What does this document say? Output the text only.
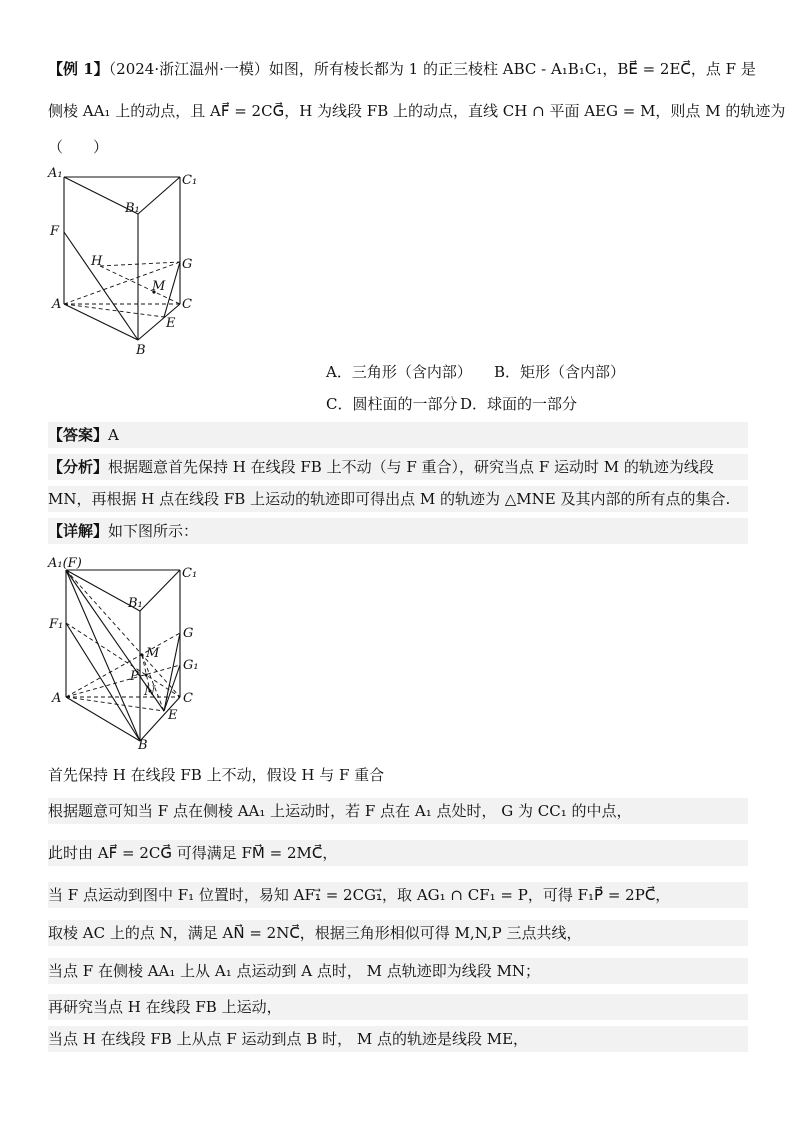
【例 1】（2024·浙江温州·一模）如图，所有棱长都为 1 的正三棱柱 ABC - A₁B₁C₁，BE⃗ = 2EC⃗，点 F 是
侧棱 AA₁ 上的动点，且 AF⃗ = 2CG⃗，H 为线段 FB 上的动点，直线 CH ∩ 平面 AEG = M，则点 M 的轨迹为
（　　）
A₁	C₁
B₁
F
H	G
M
A	C
E
B
A．三角形（含内部） B．矩形（含内部）
C．圆柱面的一部分 D．球面的一部分
【答案】A
【分析】根据题意首先保持 H 在线段 FB 上不动（与 F 重合），研究当点 F 运动时 M 的轨迹为线段
MN，再根据 H 点在线段 FB 上运动的轨迹即可得出点 M 的轨迹为 △MNE 及其内部的所有点的集合.
【详解】如下图所示：
A₁(F)
C₁
B₁
F₁
G
G₁
M
P
N
A	C
E
B
首先保持 H 在线段 FB 上不动，假设 H 与 F 重合
根据题意可知当 F 点在侧棱 AA₁ 上运动时，若 F 点在 A₁ 点处时， G 为 CC₁ 的中点，
此时由 AF⃗ = 2CG⃗ 可得满足 FM⃗ = 2MC⃗，
当 F 点运动到图中 F₁ 位置时，易知 AF₁⃗ = 2CG₁⃗，取 AG₁ ∩ CF₁ = P，可得 F₁P⃗ = 2PC⃗，
取棱 AC 上的点 N，满足 AN⃗ = 2NC⃗，根据三角形相似可得 M,N,P 三点共线，
当点 F 在侧棱 AA₁ 上从 A₁ 点运动到 A 点时， M 点轨迹即为线段 MN；
再研究当点 H 在线段 FB 上运动，
当点 H 在线段 FB 上从点 F 运动到点 B 时， M 点的轨迹是线段 ME，
